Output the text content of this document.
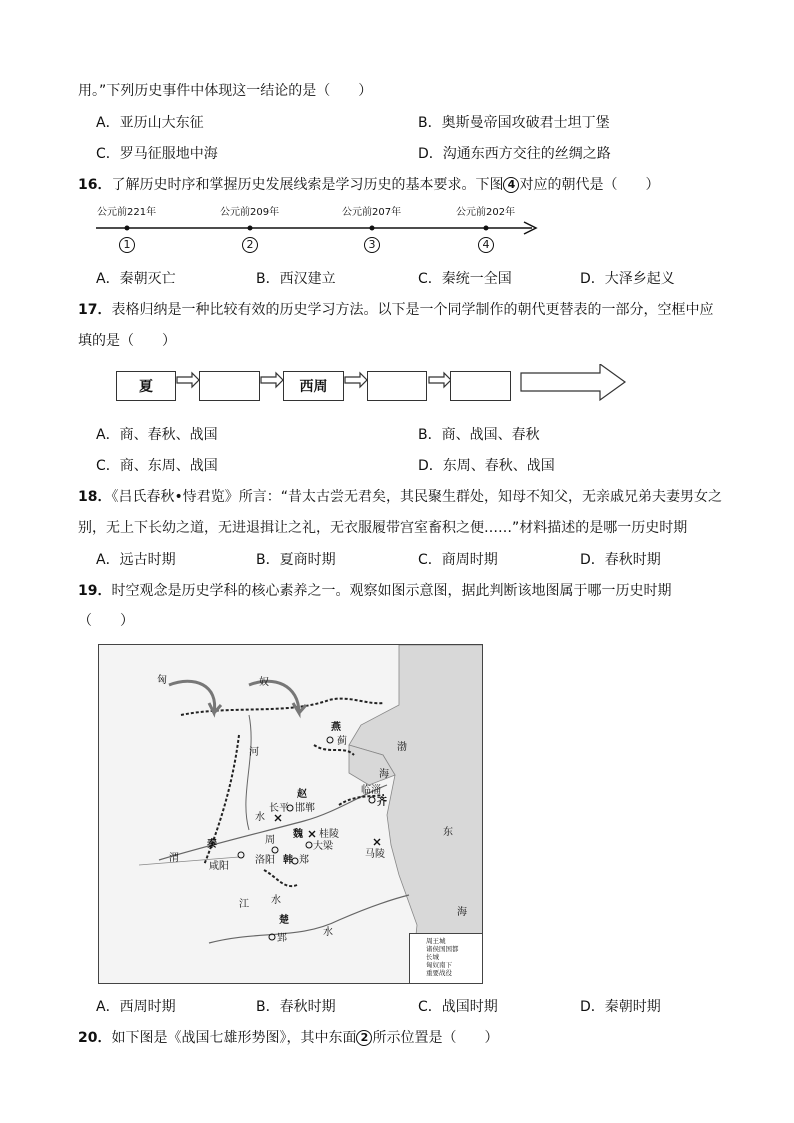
用。”下列历史事件中体现这一结论的是（　　）
A．亚历山大东征	B．奥斯曼帝国攻破君士坦丁堡
C．罗马征服地中海	D．沟通东西方交往的丝绸之路
16．了解历史时序和掌握历史发展线索是学习历史的基本要求。下图 4 对应的朝代是（　　）
公元前221年
1
公元前209年
2
公元前207年
3
公元前202年
4
A．秦朝灭亡	B．西汉建立	C．秦统一全国	D．大泽乡起义
17．表格归纳是一种比较有效的历史学习方法。以下是一个同学制作的朝代更替表的一部分，空框中应
填的是（　　）
夏	西周
A．商、春秋、战国	B．商、战国、春秋
C．商、东周、战国	D．东周、春秋、战国
18．《吕氏春秋•恃君览》所言：“昔太古尝无君矣，其民聚生群处，知母不知父，无亲戚兄弟夫妻男女之
别，无上下长幼之道，无进退揖让之礼，无衣服履带宫室畜积之便……”材料描述的是哪一历史时期
A．远古时期	B．夏商时期	C．商周时期	D．春秋时期
19．时空观念是历史学科的核心素养之一。观察如图示意图，据此判断该地图属于哪一历史时期
（　　）
匈	奴
燕
蓟
渤
海
赵
邯郸
长平
临淄
齐
魏 桂陵
大梁
周
秦
咸阳
洛阳 韩 郑
马陵
河
水
渭
江 水
楚
郢
东
海
水
周王城
诸侯国国都
长城
匈奴南下
重要战役
A．西周时期	B．春秋时期	C．战国时期	D．秦朝时期
20．如下图是《战国七雄形势图》，其中东面 2 所示位置是（　　）
